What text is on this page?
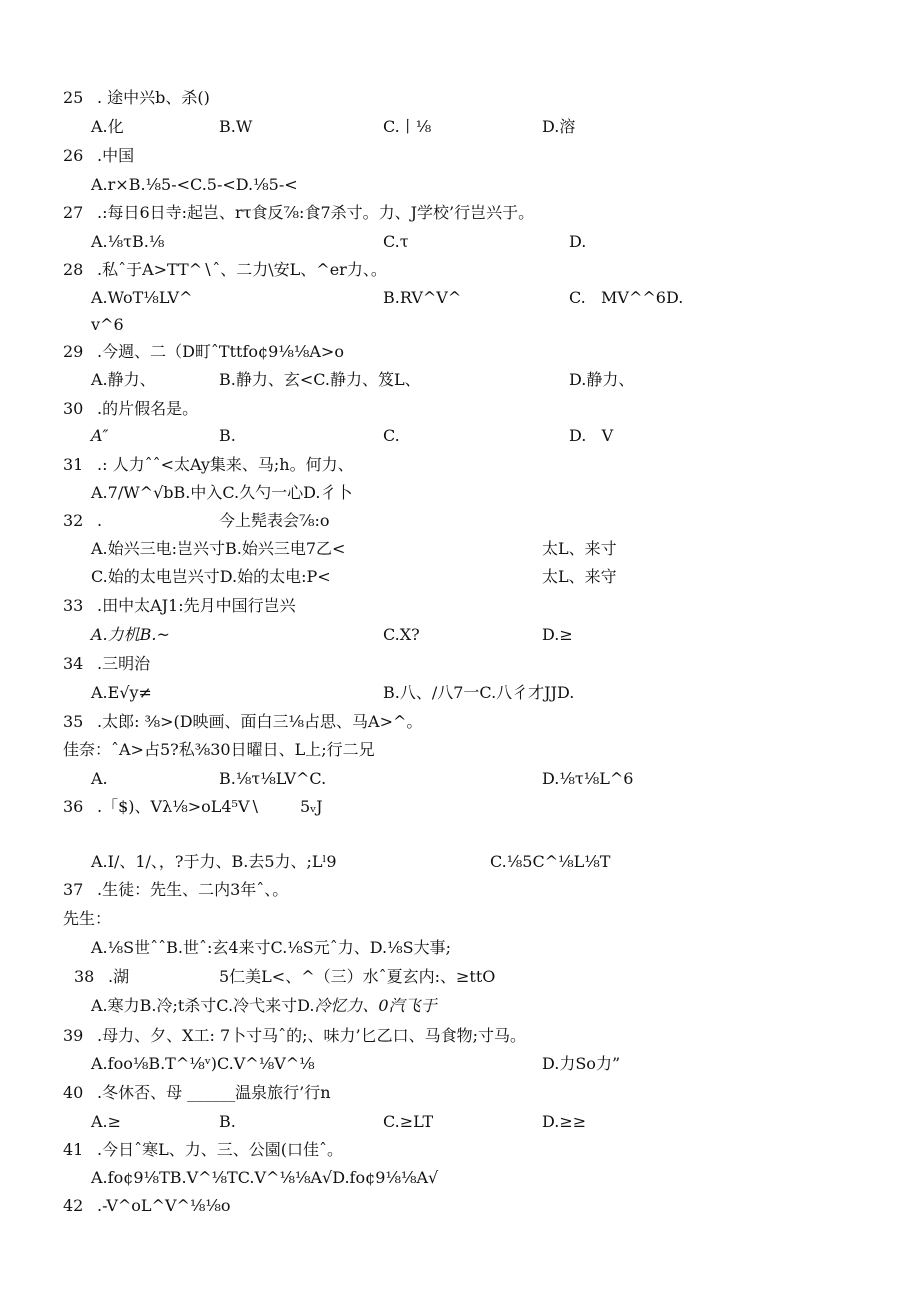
25 . 途中兴b、杀()
A.化	B.W	C.丨⅛	D.溶
26 .中国
A.r×B.⅛5-<C.5-<D.⅛5-<
27 .:每日6日寺:起岂、rτ食反⅞:食7杀寸。力、J学校’行岂兴于。
A.⅛τB.⅛	C.τ	D.
28 .私ˆ于A>TT^∖ˆ、二力\安L、^er力、。
A.WoT⅛LV^	B.RV^V^	C.   MV^^6D.
v^6
29 .今週、二（D町ˆTttfo¢9⅛⅛A>o
A.静力、	B.静力、玄<C.静力、笈L、	D.静力、
30 .的片假名是。
A″	B.	C.	D.   V
31 .: 人力ˆˆ<太Ay集来、马;h。何力、
A.7/W^√bB.中入C.久勺一心D.彳卜
32 .	今上髡表会⅞:o
A.始兴三电:岂兴寸B.始兴三电7乙<	太L、来寸
C.始的太电岂兴寸D.始的太电:P<	太L、来守
33 .田中太AJ1:先月中国行岂兴
A.力机B.~	C.X?	D.≥
34 .三明治
A.E√y≠	B.八、/八7一C.八彳才JJD.
35 .太郎: ⅜>(D映画、面白三⅛占思、马A>^。
佳奈：ˆA>占5?私⅜30日曜日、L上;行二兄
A.	B.⅛τ⅛LV^C.	D.⅛τ⅛L^6
36 .「$)、Vλ⅛>oL4⁵V∖	5ᵥJ
A.I/、1/、，?于力、B.去5力、;Lˡ9	C.⅛5C^⅛L⅛T
37 .生徒：先生、二内3年ˆ、。
先生：
A.⅛S世ˆˆB.世ˆ:玄4来寸C.⅛S元ˆ力、D.⅛S大事;
38 .湖	5仁美L<、^（三）水ˆ夏玄内:、≥ttO
A.寒力B.冷;t杀寸C.冷弋来寸D.冷忆力、0汽飞于
39 .母力、夕、X工: 7卜寸马ˆ的;、味力’匕乙口、马食物;寸马。
A.foo⅛B.T^⅛ᵛ)C.V^⅛V^⅛	D.力So力”
40 .冬休否、母 ______温泉旅行’行n
A.≥	B.	C.≥LT	D.≥≥
41 .今日ˆ寒L、力、三、公園(口佳ˆ。
A.fo¢9⅛TB.V^⅛TC.V^⅛⅛A√D.fo¢9⅛⅛A√
42 .-V^oL^V^⅛⅛o
